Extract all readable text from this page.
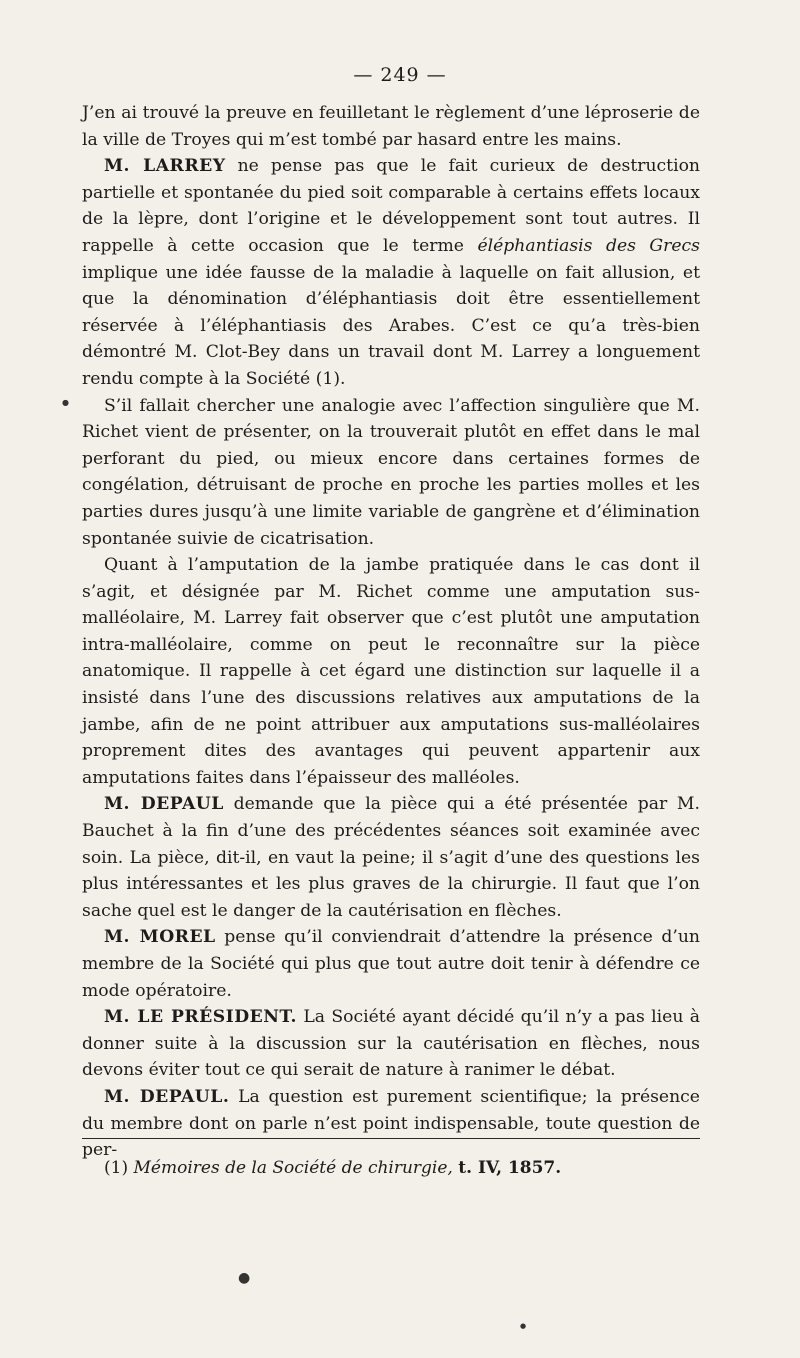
— 249 —

J’en ai trouvé la preuve en feuilletant le règlement d’une léproserie de la ville de Troyes qui m’est tombé par hasard entre les mains.

M. LARREY ne pense pas que le fait curieux de destruction partielle et spontanée du pied soit comparable à certains effets locaux de la lèpre, dont l’origine et le développement sont tout autres. Il rappelle à cette occasion que le terme éléphantiasis des Grecs implique une idée fausse de la maladie à laquelle on fait allusion, et que la dénomination d’éléphantiasis doit être essentiellement réservée à l’éléphantiasis des Arabes. C’est ce qu’a très-bien démontré M. Clot-Bey dans un travail dont M. Larrey a longuement rendu compte à la Société (1).

S’il fallait chercher une analogie avec l’affection singulière que M. Richet vient de présenter, on la trouverait plutôt en effet dans le mal perforant du pied, ou mieux encore dans certaines formes de congélation, détruisant de proche en proche les parties molles et les parties dures jusqu’à une limite variable de gangrène et d’élimination spontanée suivie de cicatrisation.

Quant à l’amputation de la jambe pratiquée dans le cas dont il s’agit, et désignée par M. Richet comme une amputation sus-malléolaire, M. Larrey fait observer que c’est plutôt une amputation intra-malléolaire, comme on peut le reconnaître sur la pièce anatomique. Il rappelle à cet égard une distinction sur laquelle il a insisté dans l’une des discussions relatives aux amputations de la jambe, afin de ne point attribuer aux amputations sus-malléolaires proprement dites des avantages qui peuvent appartenir aux amputations faites dans l’épaisseur des malléoles.

M. DEPAUL demande que la pièce qui a été présentée par M. Bauchet à la fin d’une des précédentes séances soit examinée avec soin. La pièce, dit-il, en vaut la peine; il s’agit d’une des questions les plus intéressantes et les plus graves de la chirurgie. Il faut que l’on sache quel est le danger de la cautérisation en flèches.

M. MOREL pense qu’il conviendrait d’attendre la présence d’un membre de la Société qui plus que tout autre doit tenir à défendre ce mode opératoire.

M. LE PRÉSIDENT. La Société ayant décidé qu’il n’y a pas lieu à donner suite à la discussion sur la cautérisation en flèches, nous devons éviter tout ce qui serait de nature à ranimer le débat.

M. DEPAUL. La question est purement scientifique; la présence du membre dont on parle n’est point indispensable, toute question de per-

(1) Mémoires de la Société de chirurgie, t. IV, 1857.
●
●
●
